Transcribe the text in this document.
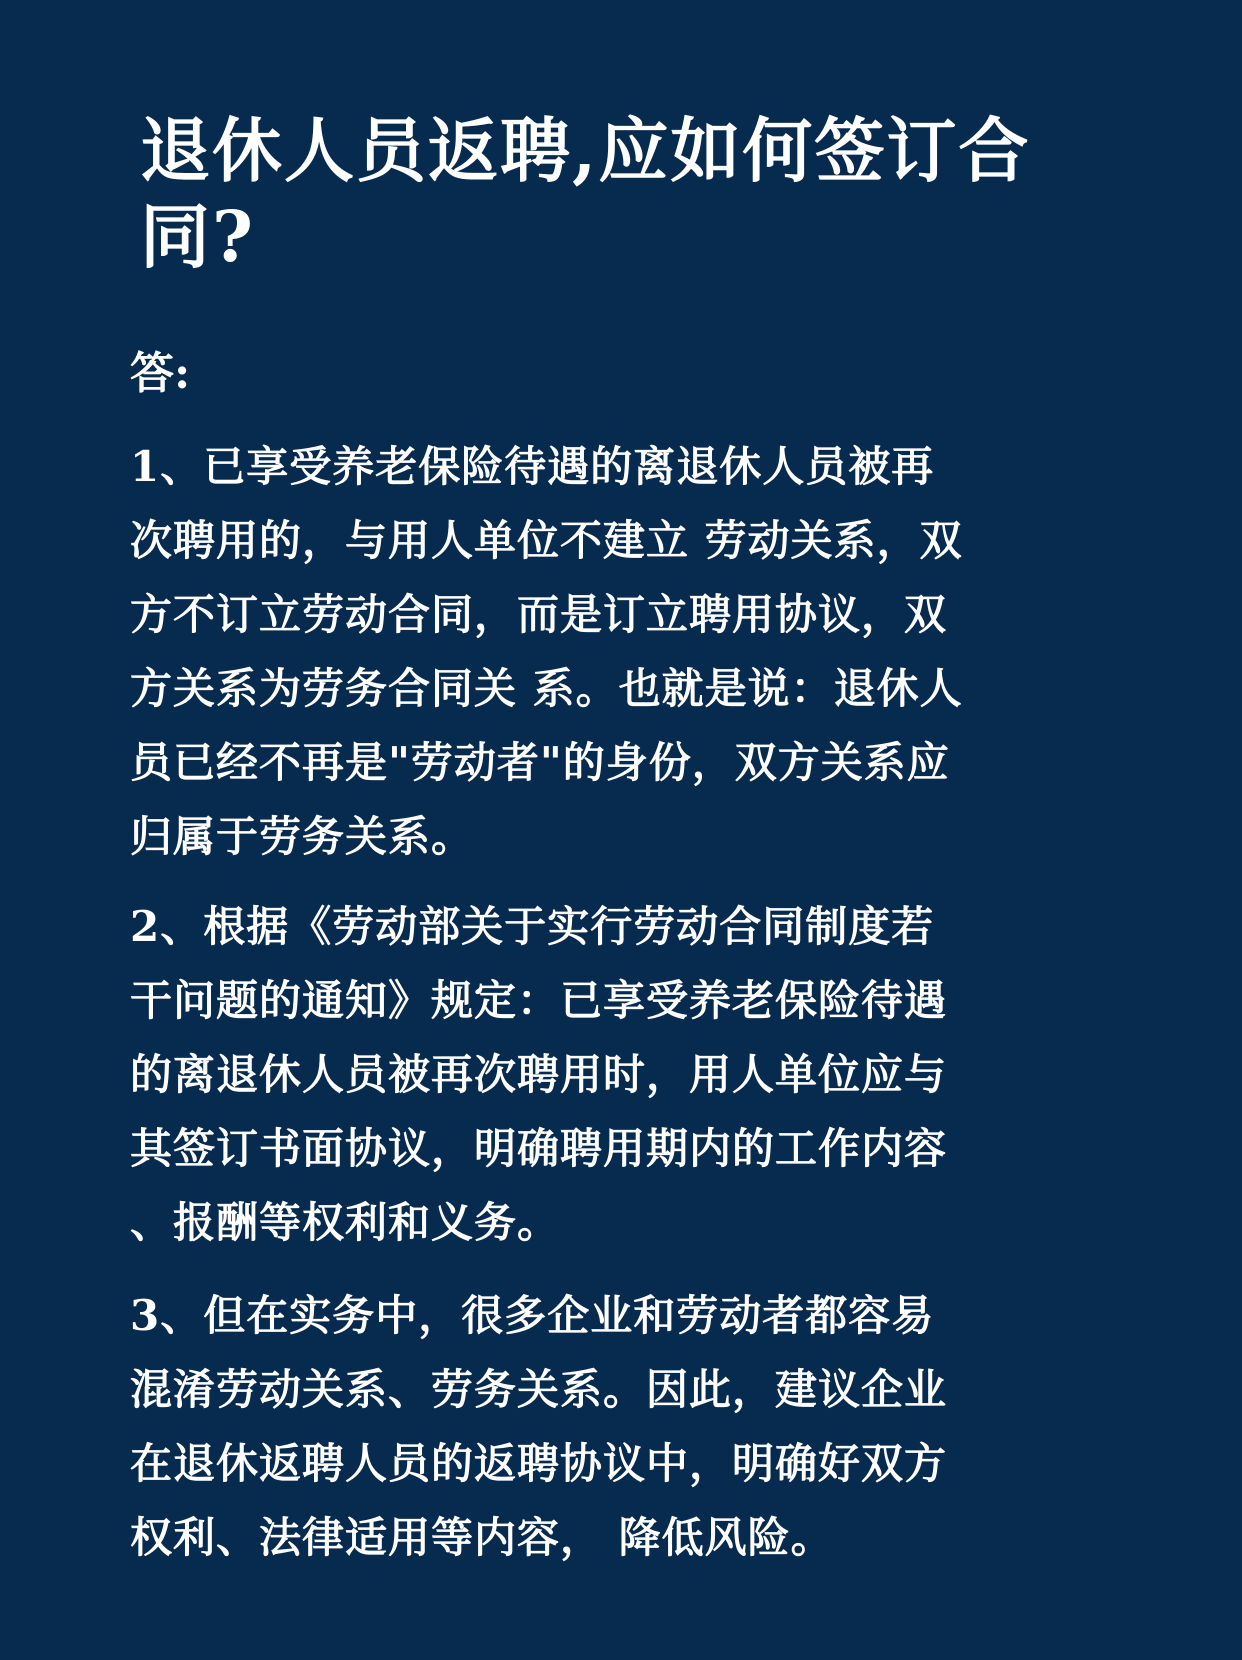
退休人员返聘,应如何签订合
同?

答:

1、已享受养老保险待遇的离退休人员被再
次聘用的，与用人单位不建立 劳动关系，双
方不订立劳动合同，而是订立聘用协议，双
方关系为劳务合同关 系。也就是说：退休人
员已经不再是"劳动者"的身份，双方关系应
归属于劳务关系。

2、根据《劳动部关于实行劳动合同制度若
干问题的通知》规定：已享受养老保险待遇
的离退休人员被再次聘用时，用人单位应与
其签订书面协议，明确聘用期内的工作内容
、报酬等权利和义务。

3、但在实务中，很多企业和劳动者都容易
混淆劳动关系、劳务关系。因此，建议企业
在退休返聘人员的返聘协议中，明确好双方
权利、法律适用等内容， 降低风险。
